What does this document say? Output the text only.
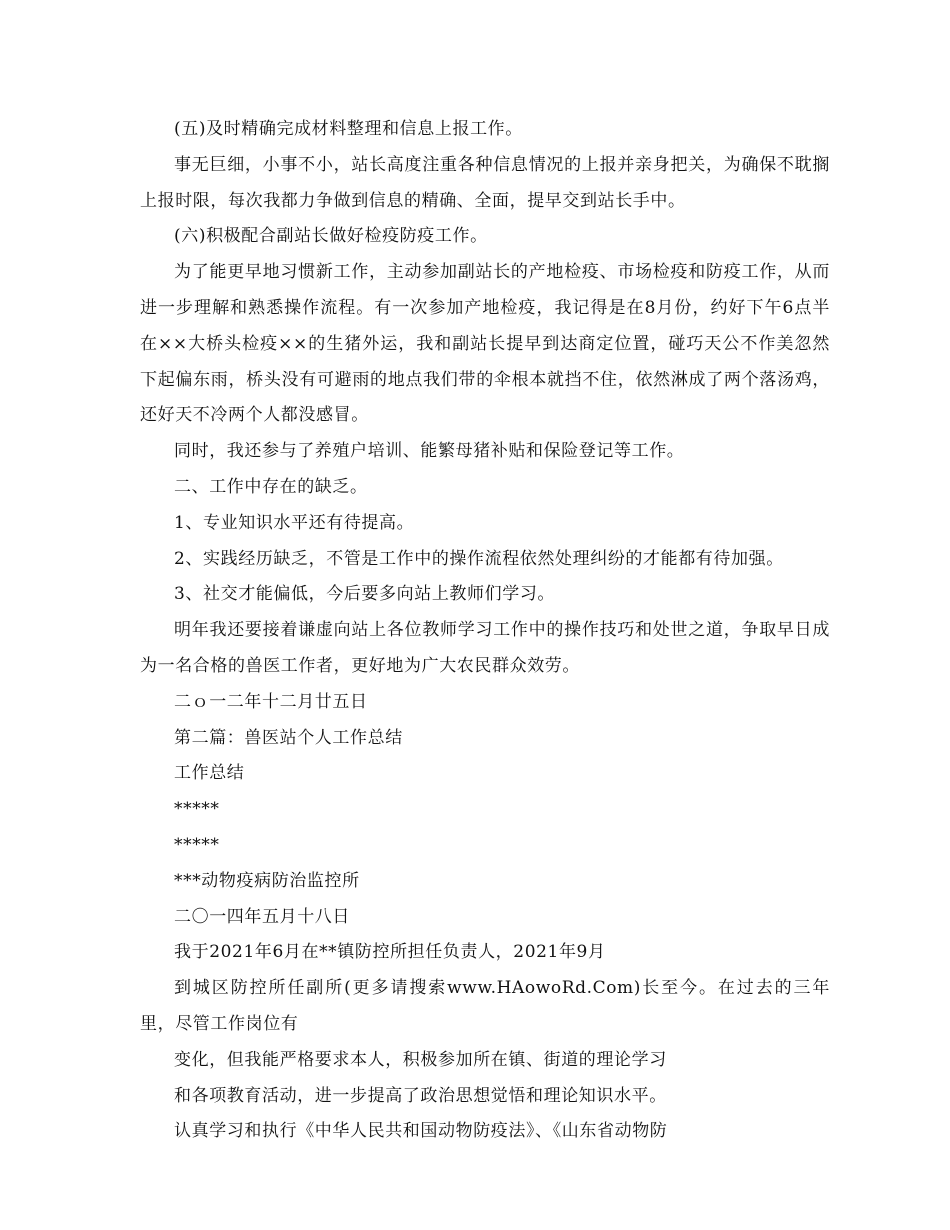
(五)及时精确完成材料整理和信息上报工作。

事无巨细，小事不小，站长高度注重各种信息情况的上报并亲身把关，为确保不耽搁上报时限，每次我都力争做到信息的精确、全面，提早交到站长手中。

(六)积极配合副站长做好检疫防疫工作。

为了能更早地习惯新工作，主动参加副站长的产地检疫、市场检疫和防疫工作，从而进一步理解和熟悉操作流程。有一次参加产地检疫，我记得是在8月份，约好下午6点半在××大桥头检疫××的生猪外运，我和副站长提早到达商定位置，碰巧天公不作美忽然下起偏东雨，桥头没有可避雨的地点我们带的伞根本就挡不住，依然淋成了两个落汤鸡，还好天不冷两个人都没感冒。

同时，我还参与了养殖户培训、能繁母猪补贴和保险登记等工作。

二、工作中存在的缺乏。

1、专业知识水平还有待提高。

2、实践经历缺乏，不管是工作中的操作流程依然处理纠纷的才能都有待加强。

3、社交才能偏低，今后要多向站上教师们学习。

明年我还要接着谦虚向站上各位教师学习工作中的操作技巧和处世之道，争取早日成为一名合格的兽医工作者，更好地为广大农民群众效劳。

二ｏ一二年十二月廿五日

第二篇：兽医站个人工作总结

工作总结

*****

*****

***动物疫病防治监控所

二〇一四年五月十八日

我于2021年6月在**镇防控所担任负责人，2021年9月

到城区防控所任副所(更多请搜索www.HAowoRd.Com)长至今。在过去的三年里，尽管工作岗位有

变化，但我能严格要求本人，积极参加所在镇、街道的理论学习

和各项教育活动，进一步提高了政治思想觉悟和理论知识水平。

认真学习和执行《中华人民共和国动物防疫法》、《山东省动物防
